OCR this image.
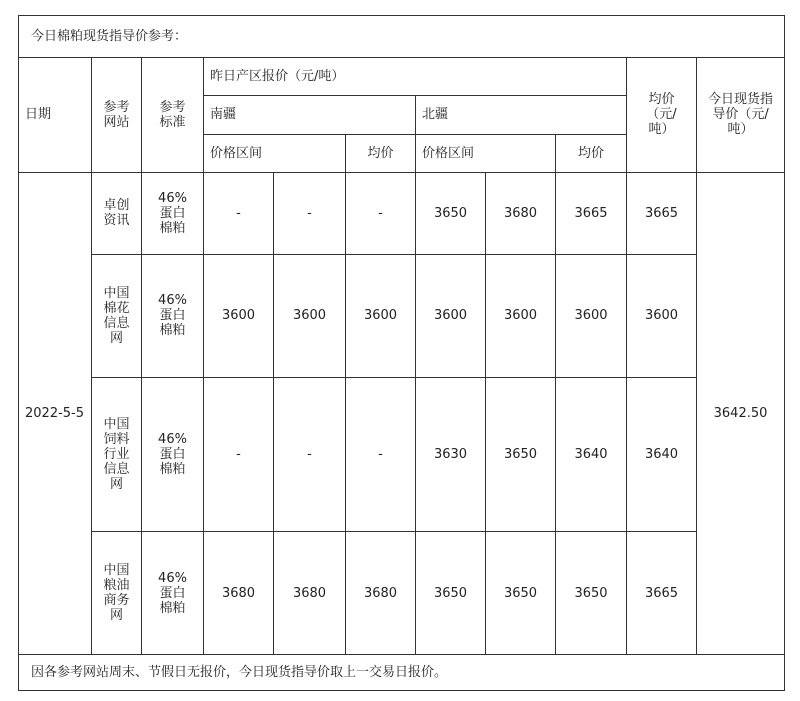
今日棉粕现货指导价参考：										
日期	参考网站	参考标准	昨日产区报价（元/吨）						均价（元/吨）	今日现货指导价（元/吨）
			南疆			北疆				
			价格区间		均价	价格区间		均价		
2022-5-5	卓创资讯	46%蛋白棉粕	-	-	-	3650	3680	3665	3665	3642.50
	中国棉花信息网	46%蛋白棉粕	3600	3600	3600	3600	3600	3600	3600	
	中国饲料行业信息网	46%蛋白棉粕	-	-	-	3630	3650	3640	3640	
	中国粮油商务网	46%蛋白棉粕	3680	3680	3680	3650	3650	3650	3665	
因各参考网站周末、节假日无报价，今日现货指导价取上一交易日报价。										
